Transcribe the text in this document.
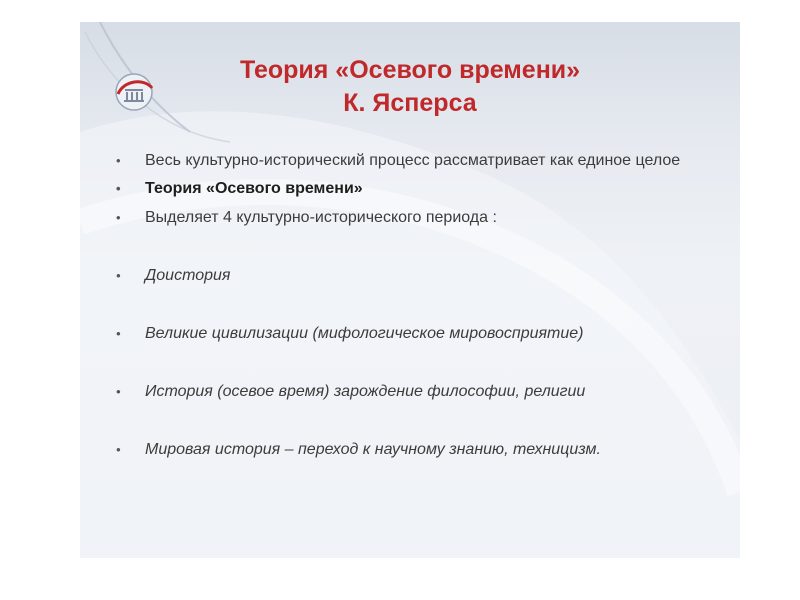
Теория «Осевого времени»
К. Ясперса
• Весь культурно-исторический процесс рассматривает как единое целое
• Теория «Осевого времени»
• Выделяет 4 культурно-исторического периода :
• Доистория
• Великие цивилизации (мифологическое мировосприятие)
• История (осевое время) зарождение философии, религии
• Мировая история – переход к научному знанию, техницизм.
